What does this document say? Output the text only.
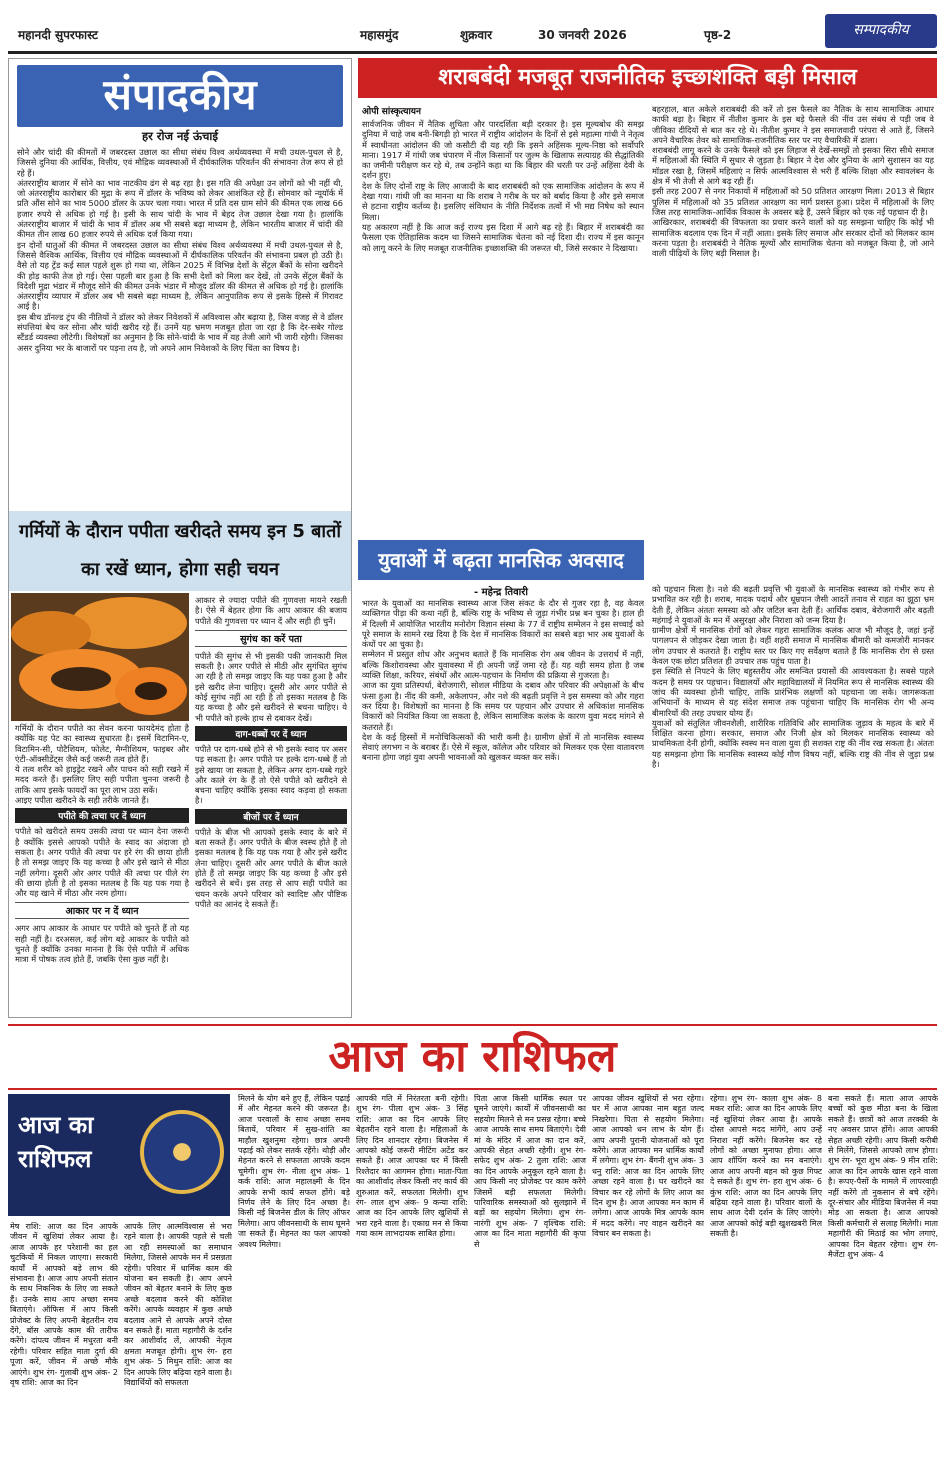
महानदी सुपरफास्ट	महासमुंद	शुक्रवार	30 जनवरी 2026	पृष्ठ-2	सम्पादकीय
संपादकीय
हर रोज नई ऊंचाई

सोने और चांदी की कीमतों में जबरदस्त उछाल का सीधा संबंध विश्व अर्थव्यवस्था में मची उथल-पुथल से है, जिससे दुनिया की आर्थिक, वित्तीय, एवं मौद्रिक व्यवस्थाओं में दीर्घकालिक परिवर्तन की संभावना तेज रूप से हो रहे हैं।

अंतरराष्ट्रीय बाजार में सोने का भाव नाटकीय ढंग से बढ़ रहा है। इस गति की अपेक्षा उन लोगों को भी नहीं थी, जो अंतरराष्ट्रीय कारोबार की मुद्रा के रूप में डॉलर के भविष्य को लेकर आशंकित रहे हैं। सोमवार को न्यूयॉर्क में प्रति औंस सोने का भाव 5000 डॉलर के ऊपर चला गया। भारत में प्रति दस ग्राम सोने की कीमत एक लाख 66 हजार रुपये से अधिक हो गई है। इसी के साथ चांदी के भाव में बेहद तेज उछाल देखा गया है। हालांकि अंतरराष्ट्रीय बाजार में चांदी के भाव में डॉलर अब भी सबसे बढ़ा माध्यम है, लेकिन भारतीय बाजार में चांदी की कीमत तीन लाख 60 हजार रुपये से अधिक दर्ज किया गया।

इन दोनों धातुओं की कीमत में जबरदस्त उछाल का सीधा संबंध विश्व अर्थव्यवस्था में मची उथल-पुथल से है, जिससे वैश्विक आर्थिक, वित्तीय एवं मौद्रिक व्यवस्थाओं में दीर्घकालिक परिवर्तन की संभावना प्रबल हो उठी है। वैसे तो यह ट्रेंड कई साल पहले शुरू हो गया था, लेकिन 2025 में विभिन्न देशों के सेंट्रल बैंकों के सोना खरीदने की होड़ काफी तेज हो गई। ऐसा पहली बार हुआ है कि सभी देशों को मिला कर देखें, तो उनके सेंट्रल बैंकों के विदेशी मुद्रा भंडार में मौजूद सोने की कीमत उनके भंडार में मौजूद डॉलर की कीमत से अधिक हो गई है। हालांकि अंतरराष्ट्रीय व्यापार में डॉलर अब भी सबसे बढ़ा माध्यम है, लेकिन आनुपातिक रूप से इसके हिस्से में गिरावट आई है।

इस बीच डॉनल्ड ट्रंप की नीतियों ने डॉलर को लेकर निवेशकों में अविश्वास और बढ़ाया है, जिस वजह से वे डॉलर संपत्तियां बेच कर सोना और चांदी खरीद रहे हैं। उनमें यह भ्रमण मजबूत होता जा रहा है कि देर-सबेर गोल्ड स्टैंडर्ड व्यवस्था लौटेगी। विशेषज्ञों का अनुमान है कि सोने-चांदी के भाव में यह तेजी आगे भी जारी रहेगी। जिसका असर दुनिया भर के बाजारों पर पड़ना तय है, जो अपने आम निवेशकों के लिए चिंता का विषय है।

गर्मियों के दौरान पपीता खरीदते समय इन 5 बातों का रखें ध्यान, होगा सही चयन

गर्मियों के दौरान पपीते का सेवन करना फायदेमंद होता है क्योंकि यह पेट का स्वास्थ्य सुधारता है। इसमें विटामिन-ए, विटामिन-सी, पोटैशियम, फोलेट, मैग्नीशियम, फाइबर और एंटी-ऑक्सीडेंट्स जैसे कई जरूरी तत्व होते हैं।

ये तत्व शरीर को हाइड्रेट रखने और पाचन को सही रखने में मदद करते हैं। इसलिए लिए सही पपीता चुनना जरूरी है ताकि आप इसके फायदों का पूरा लाभ उठा सकें।

आइए पपीता खरीदने के सही तरीके जानते हैं।

पपीते की त्वचा पर दें ध्यान

पपीते को खरीदते समय उसकी त्वचा पर ध्यान देना जरूरी है क्योंकि इससे आपको पपीते के स्वाद का अंदाजा हो सकता है। अगर पपीते की त्वचा पर हरे रंग की छाया होती है तो समझ जाइए कि यह कच्चा है और इसे खाने से मीठा नहीं लगेगा। दूसरी ओर अगर पपीते की त्वचा पर पीले रंग की छाया होती है तो इसका मतलब है कि यह पक गया है और यह खाने में मीठा और नरम होगा।

आकार पर न दें ध्यान

अगर आप आकार के आधार पर पपीते को चुनते हैं तो यह सही नहीं है। दरअसल, कई लोग बड़े आकार के पपीते को चुनते हैं क्योंकि उनका मानना है कि ऐसे पपीते में अधिक मात्रा में पोषक तत्व होते हैं, जबकि ऐसा कुछ नहीं है।

आकार से ज्यादा पपीते की गुणवत्ता मायने रखती है। ऐसे में बेहतर होगा कि आप आकार की बजाय पपीते की गुणवत्ता पर ध्यान दें और सही ही चुनें।

सुगंध का करें पता

पपीते की सुगंध से भी इसकी पकी जानकारी मिल सकती है। अगर पपीते से मीठी और सुगंधित सुगंध आ रही है तो समझ जाइए कि यह पका हुआ है और इसे खरीद लेना चाहिए। दूसरी ओर अगर पपीते से कोई सुगंध नहीं आ रही है तो इसका मतलब है कि यह कच्चा है और इसे खरीदने से बचना चाहिए। ये भी पपीते को हल्के हाथ से दबाकर देखें।

दाग-धब्बों पर दें ध्यान

पपीते पर दाग-धब्बे होने से भी इसके स्वाद पर असर पड़ सकता है। अगर पपीते पर हल्के दाग-धब्बे हैं तो इसे खाया जा सकता है, लेकिन अगर दाग-धब्बे गहरे और काले रंग के हैं तो ऐसे पपीते को खरीदने से बचना चाहिए क्योंकि इसका स्वाद कड़वा हो सकता है।

बीजों पर दें ध्यान

पपीते के बीज भी आपको इसके स्वाद के बारे में बता सकते हैं। अगर पपीते के बीज स्वस्थ होते हैं तो इसका मतलब है कि यह पक गया है और इसे खरीद लेना चाहिए। दूसरी ओर अगर पपीते के बीज काले होते हैं तो समझ जाइए कि यह कच्चा है और इसे खरीदने से बचें। इस तरह से आप सही पपीते का चयन करके अपने परिवार को स्वादिष्ट और पौष्टिक पपीते का आनंद दे सकते हैं।

शराबबंदी मजबूत राजनीतिक इच्छाशक्ति बड़ी मिसाल
ओपी सांस्कृत्यायन

सार्वजनिक जीवन में नैतिक शुचिता और पारदर्शिता बड़ी दरकार है। इस मूल्यबोध की समझ दुनिया में चाहे जब बनी-बिगड़ी हो भारत में राष्ट्रीय आंदोलन के दिनों से इसे महात्मा गांधी ने नेतृत्व में स्वाधीनता आंदोलन की जो कसौटी दी यह रही कि इसने अहिंसक मूल्य-निष्ठा को सर्वोपरि माना। 1917 में गांधी जब चंपारण में नील किसानों पर जुल्म के खिलाफ सत्याग्रह की सैद्धांतिकी का जमीनी परीक्षण कर रहे थे, तब उन्होंने कहा था कि बिहार की धरती पर उन्हें अहिंसा देवी के दर्शन हुए।

देश के लिए दोनों राष्ट्र के लिए आजादी के बाद शराबबंदी को एक सामाजिक आंदोलन के रूप में देखा गया। गांधी जी का मानना था कि शराब ने गरीब के घर को बर्बाद किया है और इसे समाज से हटाना राष्ट्रीय कर्तव्य है। इसलिए संविधान के नीति निर्देशक तत्वों में भी मद्य निषेध को स्थान मिला।

यह अकारण नहीं है कि आज कई राज्य इस दिशा में आगे बढ़ रहे हैं। बिहार में शराबबंदी का फैसला एक ऐतिहासिक कदम था जिसने सामाजिक चेतना को नई दिशा दी। राज्य में इस कानून को लागू करने के लिए मजबूत राजनीतिक इच्छाशक्ति की जरूरत थी, जिसे सरकार ने दिखाया।

बहरहाल, बात अकेले शराबबंदी की करें तो इस फैसले का नैतिक के साथ सामाजिक आधार काफी बड़ा है। बिहार में नीतीश कुमार के इस बड़े फैसले की नींव उस संबंध से पड़ी जब वे जीविका दीदियों से बात कर रहे थे। नीतीश कुमार ने इस समाजवादी परंपरा से आते हैं, जिसने अपने वैचारिक तेवर को सामाजिक-राजनीतिक स्तर पर नए वैचारिकी में ढाला।

शराबबंदी लागू करने के उनके फैसले को इस लिहाज से देखें-समझें तो इसका सिरा सीधे समाज में महिलाओं की स्थिति में सुधार से जुड़ता है। बिहार ने देश और दुनिया के आगे सुशासन का यह मॉडल रखा है, जिसमें महिलाएं न सिर्फ आत्मविश्वास से भरी हैं बल्कि शिक्षा और स्वावलंबन के क्षेत्र में भी तेजी से आगे बढ़ रही हैं।

इसी तरह 2007 से नगर निकायों में महिलाओं को 50 प्रतिशत आरक्षण मिला। 2013 से बिहार पुलिस में महिलाओं को 35 प्रतिशत आरक्षण का मार्ग प्रशस्त हुआ। प्रदेश में महिलाओं के लिए जिस तरह सामाजिक-आर्थिक विकास के अवसर बढ़े हैं, उसने बिहार को एक नई पहचान दी है।

आखिरकार, शराबबंदी की विफलता का प्रचार करने वालों को यह समझना चाहिए कि कोई भी सामाजिक बदलाव एक दिन में नहीं आता। इसके लिए समाज और सरकार दोनों को मिलकर काम करना पड़ता है। शराबबंदी ने नैतिक मूल्यों और सामाजिक चेतना को मजबूत किया है, जो आने वाली पीढ़ियों के लिए बड़ी मिसाल है।

युवाओं में बढ़ता मानसिक अवसाद
- महेन्द्र तिवारी

भारत के युवाओं का मानसिक स्वास्थ्य आज जिस संकट के दौर से गुजर रहा है, वह केवल व्यक्तिगत पीड़ा की कथा नहीं है, बल्कि राष्ट्र के भविष्य से जुड़ा गंभीर प्रश्न बन चुका है। हाल ही में दिल्ली में आयोजित भारतीय मनोरोग विज्ञान संस्था के 77 वें राष्ट्रीय सम्मेलन ने इस सच्चाई को पूरे समाज के सामने रख दिया है कि देश में मानसिक विकारों का सबसे बड़ा भार अब युवाओं के कंधों पर आ चुका है।

सम्मेलन में प्रस्तुत शोध और अनुभव बताते हैं कि मानसिक रोग अब जीवन के उत्तरार्ध में नहीं, बल्कि किशोरावस्था और युवावस्था में ही अपनी जड़ें जमा रहे हैं। यह वही समय होता है जब व्यक्ति शिक्षा, करियर, संबंधों और आत्म-पहचान के निर्माण की प्रक्रिया से गुजरता है।

आज का युवा प्रतिस्पर्धा, बेरोजगारी, सोशल मीडिया के दबाव और परिवार की अपेक्षाओं के बीच फंसा हुआ है। नींद की कमी, अकेलापन, और नशे की बढ़ती प्रवृत्ति ने इस समस्या को और गहरा कर दिया है। विशेषज्ञों का मानना है कि समय पर पहचान और उपचार से अधिकांश मानसिक विकारों को नियंत्रित किया जा सकता है, लेकिन सामाजिक कलंक के कारण युवा मदद मांगने से कतराते हैं।

देश के कई हिस्सों में मनोचिकित्सकों की भारी कमी है। ग्रामीण क्षेत्रों में तो मानसिक स्वास्थ्य सेवाएं लगभग न के बराबर हैं। ऐसे में स्कूल, कॉलेज और परिवार को मिलकर एक ऐसा वातावरण बनाना होगा जहां युवा अपनी भावनाओं को खुलकर व्यक्त कर सकें।

को पहचान मिला है। नशे की बढ़ती प्रवृत्ति भी युवाओं के मानसिक स्वास्थ्य को गंभीर रूप से प्रभावित कर रही है। शराब, मादक पदार्थ और धूम्रपान जैसी आदतें तनाव से राहत का झूठा भ्रम देती हैं, लेकिन अंततः समस्या को और जटिल बना देती हैं। आर्थिक दबाव, बेरोजगारी और बढ़ती महंगाई ने युवाओं के मन में असुरक्षा और निराशा को जन्म दिया है।

ग्रामीण क्षेत्रों में मानसिक रोगों को लेकर गहरा सामाजिक कलंक आज भी मौजूद है, जहां इन्हें पागलपन से जोड़कर देखा जाता है। वहीं शहरी समाज में मानसिक बीमारी को कमजोरी मानकर लोग उपचार से कतराते हैं। राष्ट्रीय स्तर पर किए गए सर्वेक्षण बताते हैं कि मानसिक रोग से ग्रस्त केवल एक छोटा प्रतिशत ही उपचार तक पहुंच पाता है।

इस स्थिति से निपटने के लिए बहुस्तरीय और समन्वित प्रयासों की आवश्यकता है। सबसे पहले कदम है समय पर पहचान। विद्यालयों और महाविद्यालयों में नियमित रूप से मानसिक स्वास्थ्य की जांच की व्यवस्था होनी चाहिए, ताकि प्रारंभिक लक्षणों को पहचाना जा सके। जागरूकता अभियानों के माध्यम से यह संदेश समाज तक पहुंचाना चाहिए कि मानसिक रोग भी अन्य बीमारियों की तरह उपचार योग्य हैं।

युवाओं को संतुलित जीवनशैली, शारीरिक गतिविधि और सामाजिक जुड़ाव के महत्व के बारे में शिक्षित करना होगा। सरकार, समाज और निजी क्षेत्र को मिलकर मानसिक स्वास्थ्य को प्राथमिकता देनी होगी, क्योंकि स्वस्थ मन वाला युवा ही सशक्त राष्ट्र की नींव रख सकता है। अंततः यह समझना होगा कि मानसिक स्वास्थ्य कोई गौण विषय नहीं, बल्कि राष्ट्र की नींव से जुड़ा प्रश्न है।

आज का राशिफल
आज का
राशिफल
मेष राशि: आज का दिन आपके जीवन में खुशियां लेकर आया है। आज आपके हर परेशानी का हल चुटकियों में निकल जाएगा। सरकारी कार्यों में आपको बड़े लाभ की संभावना है। आज आप अपनी संतान के साथ निकनिक के लिए जा सकते हैं। उनके साथ आप अच्छा समय बिताएंगे। ऑफिस में आप किसी प्रोजेक्ट के लिए अपनी बेहतरीन राय देंगे, बॉस आपके काम की तारीफ करेंगे। दांपत्य जीवन में मधुरता बनी रहेगी। परिवार सहित माता दुर्गा की पूजा करें, जीवन में अच्छे मौके आएंगे। शुभ रंग- गुलाबी शुभ अंक- 2 वृष राशि: आज का दिन
आपके लिए आत्मविश्वास से भरा रहने वाला है। आपकी पहले से चली आ रही समस्याओं का समाधान मिलेगा, जिससे आपके मन में प्रसन्नता रहेगी। परिवार में धार्मिक काम की योजना बन सकती है। आप अपने जीवन को बेहतर बनाने के लिए कुछ अच्छे बदलाव करने की कोशिश करेंगे। आपके व्यवहार में कुछ अच्छे बदलाव आने से आपके अपने दोस्त बन सकते हैं। माता महागौरी के दर्शन कर आशीर्वाद लें, आपकी नेतृत्व क्षमता मजबूत होगी। शुभ रंग- हरा शुभ अंक- 5 मिथुन राशि: आज का दिन आपके लिए बढ़िया रहने वाला है। विद्यार्थियों को सफलता
मिलने के योग बने हुए हैं, लेकिन पढ़ाई में और मेहनत करने की जरूरत है। आज परवालों के साथ अच्छा समय बितायें, परिवार में सुख-शांति का माहौल खुशनुमा रहेगा। छात्र अपनी पढ़ाई को लेकर सतर्क रहेंगे। थोड़ी और मेहनत करने से सफलता आपके कदम चूमेगी। शुभ रंग- नीला शुभ अंक- 1 कर्क राशि: आज महालक्ष्मी के दिन आपके सभी कार्य सफल होंगे। बड़े निर्णय लेने के लिए दिन अच्छा है। किसी नई बिजनेस डील के लिए ऑफर मिलेगा। आप जीवनसाथी के साथ घूमने जा सकते हैं। मेहनत का फल आपको अवश्य मिलेगा।
आपकी गति में निरंतरता बनी रहेगी। शुभ रंग- पीला शुभ अंक- 3 सिंह राशि: आज का दिन आपके लिए बेहतरीन रहने वाला है। महिलाओं के लिए दिन शानदार रहेगा। बिजनेस में आपको कोई जरूरी मीटिंग अटेंड कर सकते हैं। आज आपका घर में किसी रिश्तेदार का आगमन होगा। माता-पिता का आशीर्वाद लेकर किसी नए कार्य की शुरुआत करें, सफलता मिलेगी। शुभ रंग- लाल शुभ अंक- 9 कन्या राशि: आज का दिन आपके लिए खुशियों से भरा रहने वाला है। एकाग्र मन से किया गया काम लाभदायक साबित होगा।
पिता आज किसी धार्मिक स्थल पर घूमने जाएंगे। कार्यों में जीवनसाथी का सहयोग मिलने से मन प्रसन्न रहेगा। बच्चे आज आपके साथ समय बिताएंगे। देवी मां के मंदिर में आज का दान करें, आपकी सेहत अच्छी रहेगी। शुभ रंग- सफेद शुभ अंक- 2 तुला राशि: आज का दिन आपके अनुकूल रहने वाला है। आप किसी नए प्रोजेक्ट पर काम करेंगे जिसमें बड़ी सफलता मिलेगी। पारिवारिक समस्याओं को सुलझाने में बड़ों का सहयोग मिलेगा। शुभ रंग- नारंगी शुभ अंक- 7 वृश्चिक राशि: आज का दिन माता महागौरी की कृपा से
आपका जीवन खुशियों से भरा रहेगा। घर में आज आपका नाम बहुत जल्द निखरेगा। पिता से सहयोग मिलेगा। आज आपको धन लाभ के योग हैं। आप अपनी पुरानी योजनाओं को पूरा करेंगे। आज आपका मन धार्मिक कार्यों में लगेगा। शुभ रंग- बैंगनी शुभ अंक- 3 धनु राशि: आज का दिन आपके लिए अच्छा रहने वाला है। घर खरीदने का विचार कर रहे लोगों के लिए आज का दिन शुभ है। आज आपका मन काम में लगेगा। आज आपके मित्र आपके काम में मदद करेंगे। नए वाहन खरीदने का विचार बन सकता है।
रहेगा। शुभ रंग- काला शुभ अंक- 8 मकर राशि: आज का दिन आपके लिए नई खुशियां लेकर आया है। आपके दोस्त आपसे मदद मांगेंगे, आप उन्हें निराश नहीं करेंगे। बिजनेस कर रहे लोगों को अच्छा मुनाफा होगा। आज आप शॉपिंग करने का मन बनाएंगे। आज आप अपनी बहन को कुछ गिफ्ट दे सकते हैं। शुभ रंग- हरा शुभ अंक- 6 कुंभ राशि: आज का दिन आपके लिए बढ़िया रहने वाला है। परिवार वालों के साथ आज देवी दर्शन के लिए जाएंगे। आज आपको कोई बड़ी खुशखबरी मिल सकती है।
बना सकते हैं। माता आज आपके बच्चों को कुछ मीठा बना के खिला सकते हैं। छात्रों को आज तरक्की के नए अवसर प्राप्त होंगे। आज आपकी सेहत अच्छी रहेगी। आप किसी करीबी से मिलेंगे, जिससे आपको लाभ होगा। शुभ रंग- भूरा शुभ अंक- 9 मीन राशि: आज का दिन आपके खास रहने वाला है। रूपए-पैसों के मामले में लापरवाही नहीं करेंगे तो नुकसान से बचे रहेंगे। दूर-संचार और मीडिया बिजनेस में नया मोड़ आ सकता है। आज आपको किसी कर्मचारी से सलाह मिलेगी। माता महागौरी की मिठाई का भोग लगाएं, आपका दिन बेहतर रहेगा। शुभ रंग- मैजेंटा शुभ अंक- 4
